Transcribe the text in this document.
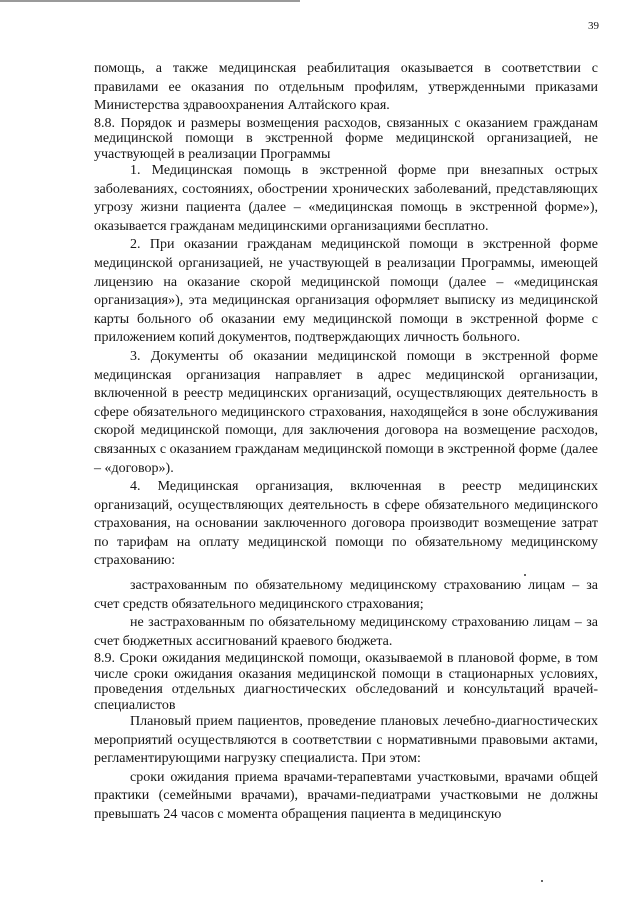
39

помощь, а также медицинская реабилитация оказывается в соответствии с правилами ее оказания по отдельным профилям, утвержденными приказами Министерства здравоохранения Алтайского края.

8.8. Порядок и размеры возмещения расходов, связанных с оказанием гражданам медицинской помощи в экстренной форме медицинской организацией, не участвующей в реализации Программы

1. Медицинская помощь в экстренной форме при внезапных острых заболеваниях, состояниях, обострении хронических заболеваний, представляющих угрозу жизни пациента (далее – «медицинская помощь в экстренной форме»), оказывается гражданам медицинскими организациями бесплатно.

2. При оказании гражданам медицинской помощи в экстренной форме медицинской организацией, не участвующей в реализации Программы, имеющей лицензию на оказание скорой медицинской помощи (далее – «медицинская организация»), эта медицинская организация оформляет выписку из медицинской карты больного об оказании ему медицинской помощи в экстренной форме с приложением копий документов, подтверждающих личность больного.

3. Документы об оказании медицинской помощи в экстренной форме медицинская организация направляет в адрес медицинской организации, включенной в реестр медицинских организаций, осуществляющих деятельность в сфере обязательного медицинского страхования, находящейся в зоне обслуживания скорой медицинской помощи, для заключения договора на возмещение расходов, связанных с оказанием гражданам медицинской помощи в экстренной форме (далее – «договор»).

4. Медицинская организация, включенная в реестр медицинских организаций, осуществляющих деятельность в сфере обязательного медицинского страхования, на основании заключенного договора производит возмещение затрат по тарифам на оплату медицинской помощи по обязательному медицинскому страхованию:

застрахованным по обязательному медицинскому страхованию лицам – за счет средств обязательного медицинского страхования;

не застрахованным по обязательному медицинскому страхованию лицам – за счет бюджетных ассигнований краевого бюджета.

8.9. Сроки ожидания медицинской помощи, оказываемой в плановой форме, в том числе сроки ожидания оказания медицинской помощи в стационарных условиях, проведения отдельных диагностических обследований и консультаций врачей-специалистов

Плановый прием пациентов, проведение плановых лечебно-диагностических мероприятий осуществляются в соответствии с нормативными правовыми актами, регламентирующими нагрузку специалиста. При этом:

сроки ожидания приема врачами-терапевтами участковыми, врачами общей практики (семейными врачами), врачами-педиатрами участковыми не должны превышать 24 часов с момента обращения пациента в медицинскую
